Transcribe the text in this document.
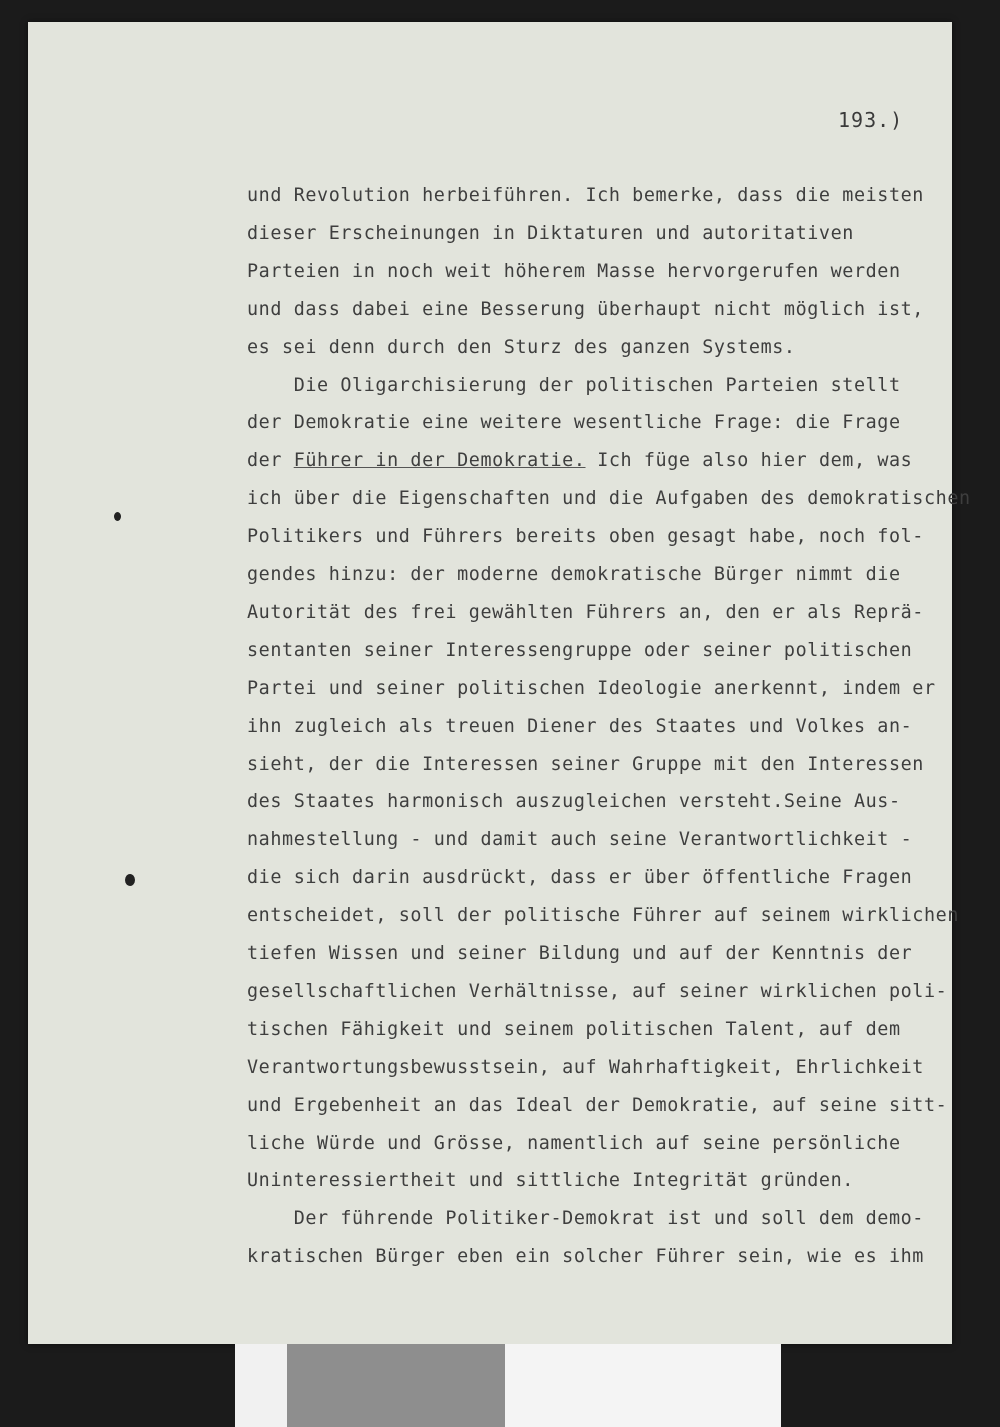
193.)
und Revolution herbeiführen. Ich bemerke, dass die meisten
dieser Erscheinungen in Diktaturen und autoritativen
Parteien in noch weit höherem Masse hervorgerufen werden
und dass dabei eine Besserung überhaupt nicht möglich ist,
es sei denn durch den Sturz des ganzen Systems.
Die Oligarchisierung der politischen Parteien stellt
der Demokratie eine weitere wesentliche Frage: die Frage
der Führer in der Demokratie. Ich füge also hier dem, was
ich über die Eigenschaften und die Aufgaben des demokratischen
Politikers und Führers bereits oben gesagt habe, noch fol-
gendes hinzu: der moderne demokratische Bürger nimmt die
Autorität des frei gewählten Führers an, den er als Reprä-
sentanten seiner Interessengruppe oder seiner politischen
Partei und seiner politischen Ideologie anerkennt, indem er
ihn zugleich als treuen Diener des Staates und Volkes an-
sieht, der die Interessen seiner Gruppe mit den Interessen
des Staates harmonisch auszugleichen versteht.Seine Aus-
nahmestellung - und damit auch seine Verantwortlichkeit -
die sich darin ausdrückt, dass er über öffentliche Fragen
entscheidet, soll der politische Führer auf seinem wirklichen
tiefen Wissen und seiner Bildung und auf der Kenntnis der
gesellschaftlichen Verhältnisse, auf seiner wirklichen poli-
tischen Fähigkeit und seinem politischen Talent, auf dem
Verantwortungsbewusstsein, auf Wahrhaftigkeit, Ehrlichkeit
und Ergebenheit an das Ideal der Demokratie, auf seine sitt-
liche Würde und Grösse, namentlich auf seine persönliche
Uninteressiertheit und sittliche Integrität gründen.
Der führende Politiker-Demokrat ist und soll dem demo-
kratischen Bürger eben ein solcher Führer sein, wie es ihm
